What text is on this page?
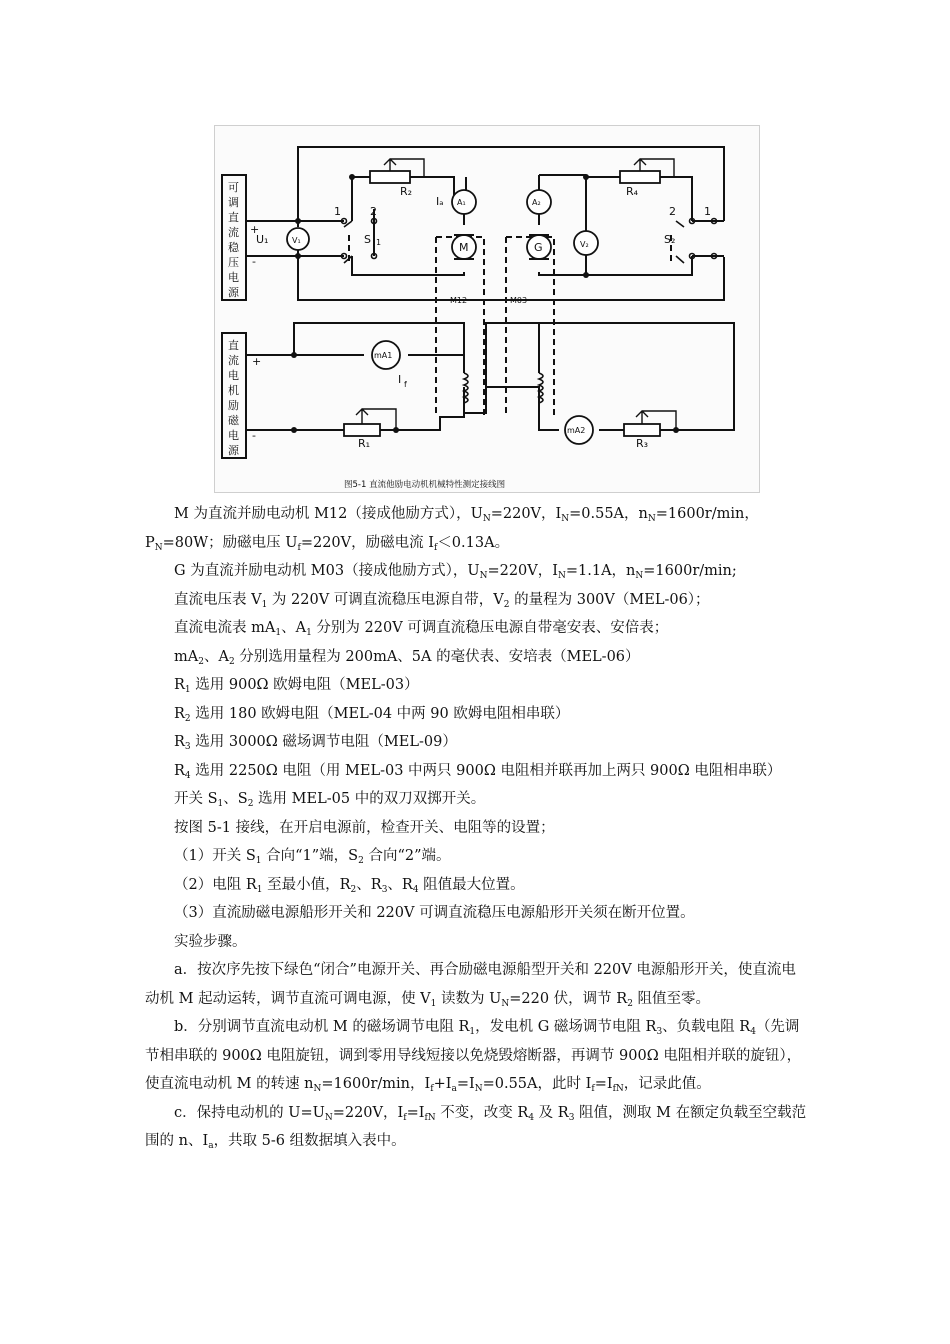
可
调
直
流
稳
压
电
源
直
流
电
机
励
磁
电
源
+
-
U₁	V₁
1	2
S 1
R₂
Iₐ A₁	A₂
M	G	V₂
R₄
S₂
2	1
M12	M03
+
-
mA1
I f
R₁
mA2
R₃
图5-1 直流他励电动机机械特性测定接线图

M 为直流并励电动机 M12（接成他励方式），$U_N=220V$，$I_N=0.55A$，$n_N=1600r/\min$，$P_N=80W$；励磁电压 $U_f=220V$，励磁电流 $I_f<0.13A$。

G 为直流并励电动机 M03（接成他励方式），$U_N=220V$，$I_N=1.1A$，$n_N=1600r/\min$;

直流电压表 $V_1$ 为 220V 可调直流稳压电源自带，$V_2$ 的量程为 300V（MEL-06）；

直流电流表 $mA_1$、$A_1$ 分别为 220V 可调直流稳压电源自带毫安表、安倍表；

$mA_2$、$A_2$ 分别选用量程为 200mA、5A 的毫伏表、安培表（MEL-06）

$R_1$ 选用 900Ω 欧姆电阻（MEL-03）

$R_2$ 选用 180 欧姆电阻（MEL-04 中两 90 欧姆电阻相串联）

$R_3$ 选用 3000Ω 磁场调节电阻（MEL-09）

$R_4$ 选用 2250Ω 电阻（用 MEL-03 中两只 900Ω 电阻相并联再加上两只 900Ω 电阻相串联）

开关 $S_1$、$S_2$ 选用 MEL-05 中的双刀双掷开关。

按图 5-1 接线，在开启电源前，检查开关、电阻等的设置；

（1）开关 $S_1$ 合向“1”端，$S_2$ 合向“2”端。

（2）电阻 $R_1$ 至最小值，$R_2$、$R_3$、$R_4$ 阻值最大位置。

（3）直流励磁电源船形开关和 220V 可调直流稳压电源船形开关须在断开位置。

实验步骤。

a．按次序先按下绿色“闭合”电源开关、再合励磁电源船型开关和 220V 电源船形开关，使直流电动机 M 起动运转，调节直流可调电源，使 $V_1$ 读数为 $U_N=220$ 伏，调节 $R_2$ 阻值至零。

b．分别调节直流电动机 M 的磁场调节电阻 $R_1$，发电机 G 磁场调节电阻 $R_3$、负载电阻 $R_4$（先调节相串联的 900Ω 电阻旋钮，调到零用导线短接以免烧毁熔断器，再调节 900Ω 电阻相并联的旋钮），使直流电动机 M 的转速 $n_N=1600r/\min$，$I_f+I_a=I_N=0.55A$，此时 $I_f=I_{fN}$，记录此值。

c．保持电动机的 $U=U_N=220V$，$I_f=I_{fN}$ 不变，改变 $R_4$ 及 $R_3$ 阻值，测取 M 在额定负载至空载范围的 n、$I_a$，共取 5-6 组数据填入表中。
